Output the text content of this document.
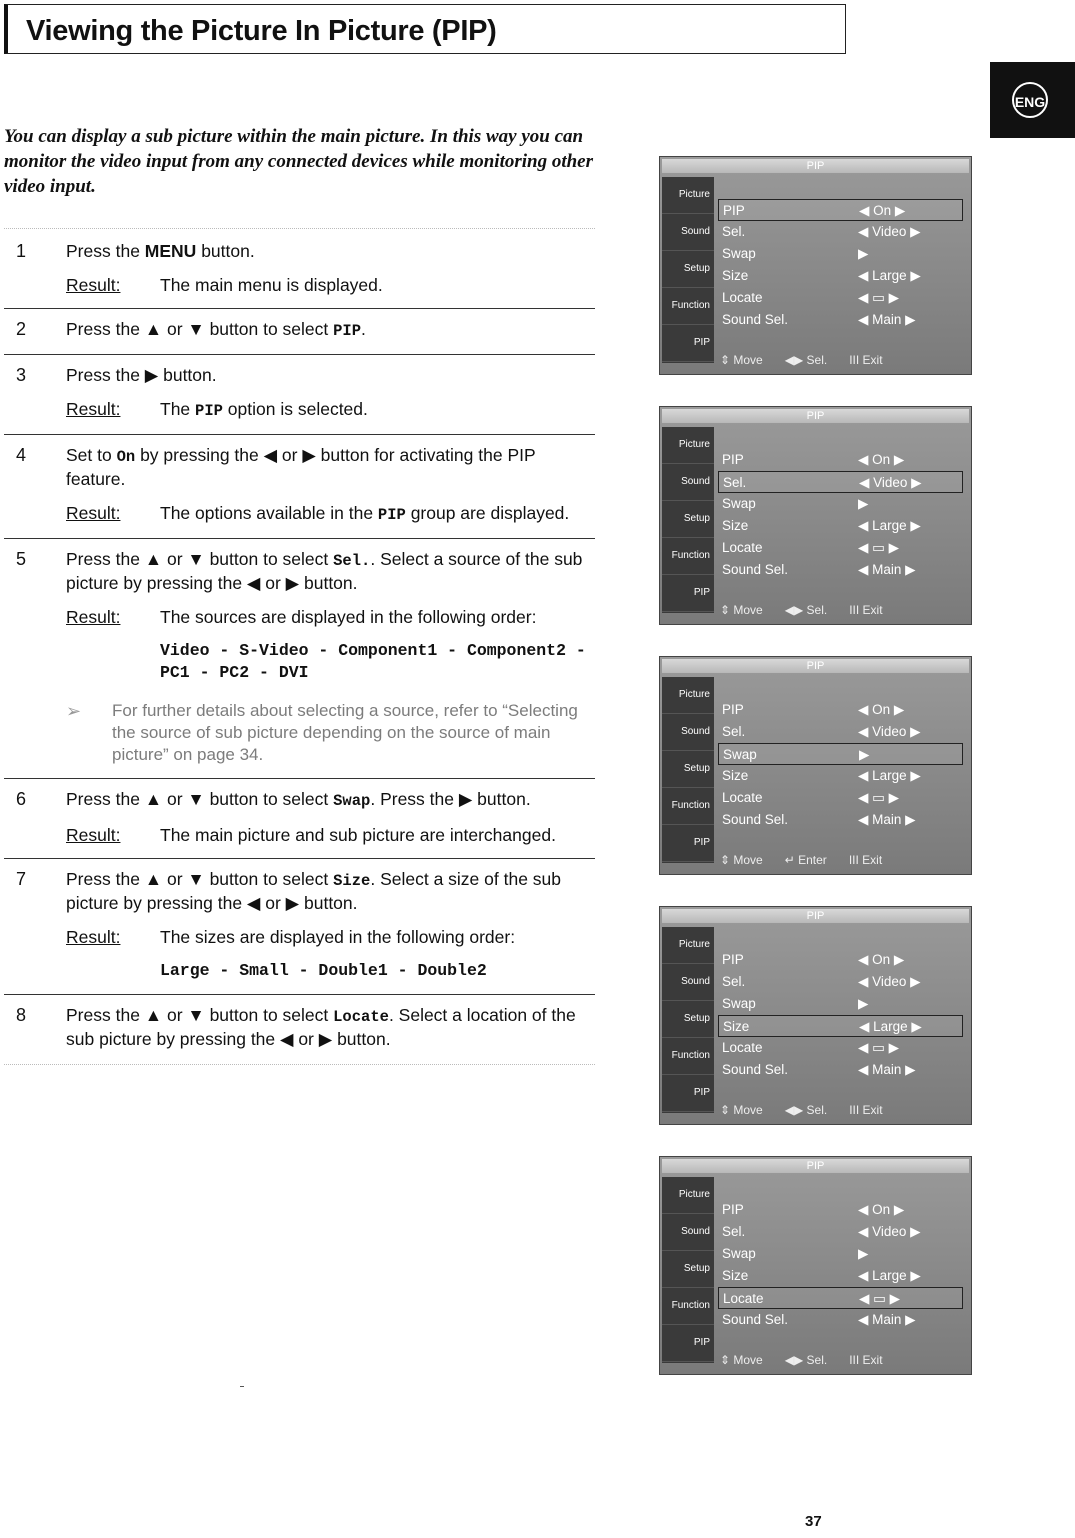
Viewing the Picture In Picture (PIP)
ENG
You can display a sub picture within the main picture. In this way you can monitor the video input from any connected devices while monitoring other video input.
1 Press the MENU button.

Result: The main menu is displayed.
2 Press the ▲ or ▼ button to select PIP.

3 Press the ▶ button.

Result: The PIP option is selected.
4 Set to On by pressing the ◀ or ▶ button for activating the PIP feature.

Result: The options available in the PIP group are displayed.
5 Press the ▲ or ▼ button to select Sel.. Select a source of the sub picture by pressing the ◀ or ▶ button.

Result: The sources are displayed in the following order:
Video - S-Video - Component1 - Component2 - PC1 - PC2 - DVI
➢ For further details about selecting a source, refer to “Selecting the source of sub picture depending on the source of main picture” on page 34.
6 Press the ▲ or ▼ button to select Swap. Press the ▶ button.

Result: The main picture and sub picture are interchanged.
7 Press the ▲ or ▼ button to select Size. Select a size of the sub picture by pressing the ◀ or ▶ button.

Result: The sizes are displayed in the following order:
Large - Small - Double1 - Double2
8 Press the ▲ or ▼ button to select Locate. Select a location of the sub picture by pressing the ◀ or ▶ button.

PIP
Picture
Sound
Setup
Function
PIP
PIP	◀ On ▶
Sel.	◀ Video ▶
Swap	▶
Size	◀ Large ▶
Locate	◀ ▭ ▶
Sound Sel.	◀ Main ▶
⇕ Move ◀▶ Sel. III Exit
PIP
Picture
Sound
Setup
Function
PIP
PIP	◀ On ▶
Sel.	◀ Video ▶
Swap	▶
Size	◀ Large ▶
Locate	◀ ▭ ▶
Sound Sel.	◀ Main ▶
⇕ Move ◀▶ Sel. III Exit
PIP
Picture
Sound
Setup
Function
PIP
PIP	◀ On ▶
Sel.	◀ Video ▶
Swap	▶
Size	◀ Large ▶
Locate	◀ ▭ ▶
Sound Sel.	◀ Main ▶
⇕ Move ↵ Enter III Exit
PIP
Picture
Sound
Setup
Function
PIP
PIP	◀ On ▶
Sel.	◀ Video ▶
Swap	▶
Size	◀ Large ▶
Locate	◀ ▭ ▶
Sound Sel.	◀ Main ▶
⇕ Move ◀▶ Sel. III Exit
PIP
Picture
Sound
Setup
Function
PIP
PIP	◀ On ▶
Sel.	◀ Video ▶
Swap	▶
Size	◀ Large ▶
Locate	◀ ▭ ▶
Sound Sel.	◀ Main ▶
⇕ Move ◀▶ Sel. III Exit
37
